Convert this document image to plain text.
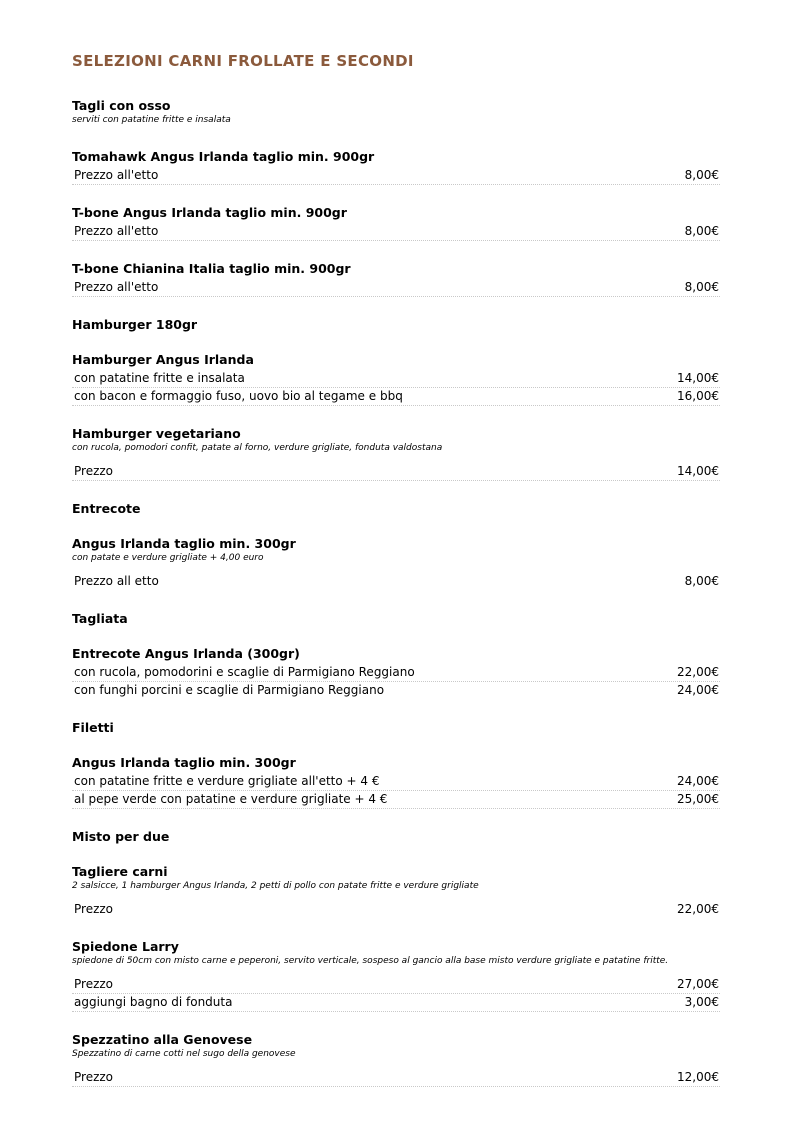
SELEZIONI CARNI FROLLATE E SECONDI
Tagli con osso
serviti con patatine fritte e insalata
Tomahawk Angus Irlanda taglio min. 900gr
Prezzo all'etto	8,00€
T-bone Angus Irlanda taglio min. 900gr
Prezzo all'etto	8,00€
T-bone Chianina Italia taglio min. 900gr
Prezzo all'etto	8,00€
Hamburger 180gr
Hamburger Angus Irlanda
con patatine fritte e insalata	14,00€
con bacon e formaggio fuso, uovo bio al tegame e bbq	16,00€
Hamburger vegetariano
con rucola, pomodori confit, patate al forno, verdure grigliate, fonduta valdostana
Prezzo	14,00€
Entrecote
Angus Irlanda taglio min. 300gr
con patate e verdure grigliate + 4,00 euro
Prezzo all etto	8,00€
Tagliata
Entrecote Angus Irlanda (300gr)
con rucola, pomodorini e scaglie di Parmigiano Reggiano	22,00€
con funghi porcini e scaglie di Parmigiano Reggiano	24,00€
Filetti
Angus Irlanda taglio min. 300gr
con patatine fritte e verdure grigliate all'etto + 4 €	24,00€
al pepe verde con patatine e verdure grigliate + 4 €	25,00€
Misto per due
Tagliere carni
2 salsicce, 1 hamburger Angus Irlanda, 2 petti di pollo con patate fritte e verdure grigliate
Prezzo	22,00€
Spiedone Larry
spiedone di 50cm con misto carne e peperoni, servito verticale, sospeso al gancio alla base misto verdure grigliate e patatine fritte.
Prezzo	27,00€
aggiungi bagno di fonduta	3,00€
Spezzatino alla Genovese
Spezzatino di carne cotti nel sugo della genovese
Prezzo	12,00€
